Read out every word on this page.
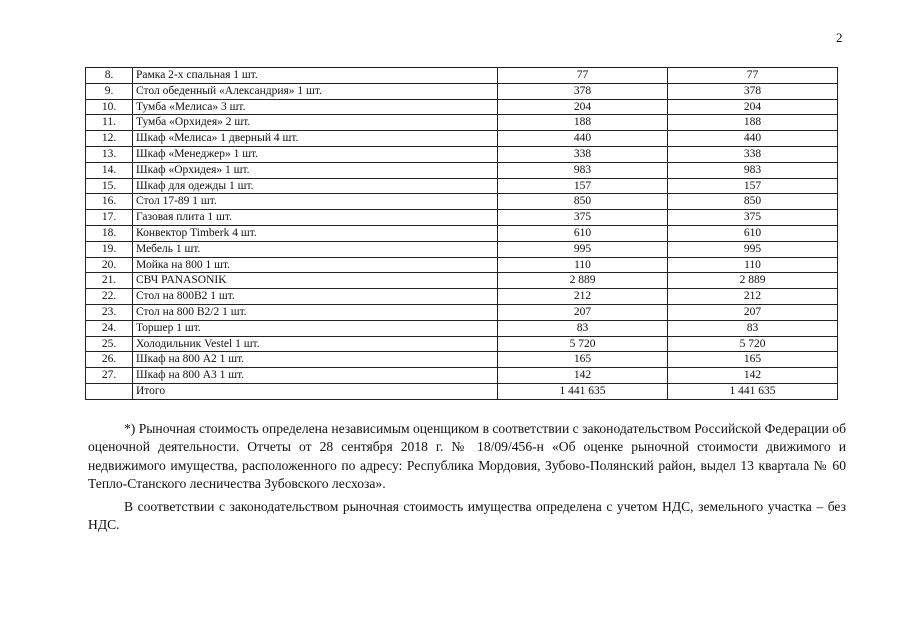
2
8.	Рамка 2-х спальная 1 шт.	77	77
9.	Стол обеденный «Александрия» 1 шт.	378	378
10.	Тумба «Мелиса» 3 шт.	204	204
11.	Тумба «Орхидея» 2 шт.	188	188
12.	Шкаф «Мелиса» 1 дверный 4 шт.	440	440
13.	Шкаф «Менеджер» 1 шт.	338	338
14.	Шкаф «Орхидея» 1 шт.	983	983
15.	Шкаф для одежды 1 шт.	157	157
16.	Стол 17-89 1 шт.	850	850
17.	Газовая плита 1 шт.	375	375
18.	Конвектор Timberk 4 шт.	610	610
19.	Мебель 1 шт.	995	995
20.	Мойка на 800 1 шт.	110	110
21.	СВЧ PANASONIK	2 889	2 889
22.	Стол на 800В2 1 шт.	212	212
23.	Стол на 800 В2/2 1 шт.	207	207
24.	Торшер 1 шт.	83	83
25.	Холодильник Vestel 1 шт.	5 720	5 720
26.	Шкаф на 800 А2 1 шт.	165	165
27.	Шкаф на 800 А3 1 шт.	142	142
	Итого	1 441 635	1 441 635

*) Рыночная стоимость определена независимым оценщиком в соответствии с законодательством Российской Федерации об оценочной деятельности. Отчеты от 28 сентября 2018 г. № 18/09/456-н «Об оценке рыночной стоимости движимого и недвижимого имущества, расположенного по адресу: Республика Мордовия, Зубово-Полянский район, выдел 13 квартала № 60 Тепло-Станского лесничества Зубовского лесхоза».

В соответствии с законодательством рыночная стоимость имущества определена с учетом НДС, земельного участка – без НДС.
